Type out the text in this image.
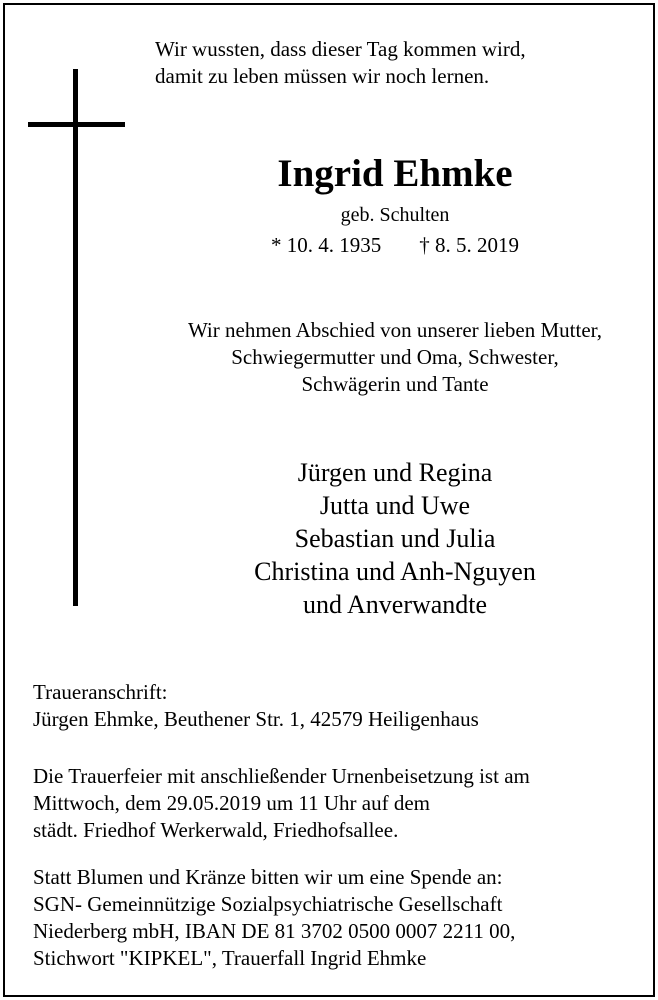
Wir wussten, dass dieser Tag kommen wird,
damit zu leben müssen wir noch lernen.
Ingrid Ehmke
geb. Schulten
* 10. 4. 1935 † 8. 5. 2019
Wir nehmen Abschied von unserer lieben Mutter,
Schwiegermutter und Oma, Schwester,
Schwägerin und Tante
Jürgen und Regina
Jutta und Uwe
Sebastian und Julia
Christina und Anh-Nguyen
und Anverwandte
Traueranschrift:
Jürgen Ehmke, Beuthener Str. 1, 42579 Heiligenhaus
Die Trauerfeier mit anschließender Urnenbeisetzung ist am
Mittwoch, dem 29.05.2019 um 11 Uhr auf dem
städt. Friedhof Werkerwald, Friedhofsallee.
Statt Blumen und Kränze bitten wir um eine Spende an:
SGN- Gemeinnützige Sozialpsychiatrische Gesellschaft
Niederberg mbH, IBAN DE 81 3702 0500 0007 2211 00,
Stichwort "KIPKEL", Trauerfall Ingrid Ehmke
